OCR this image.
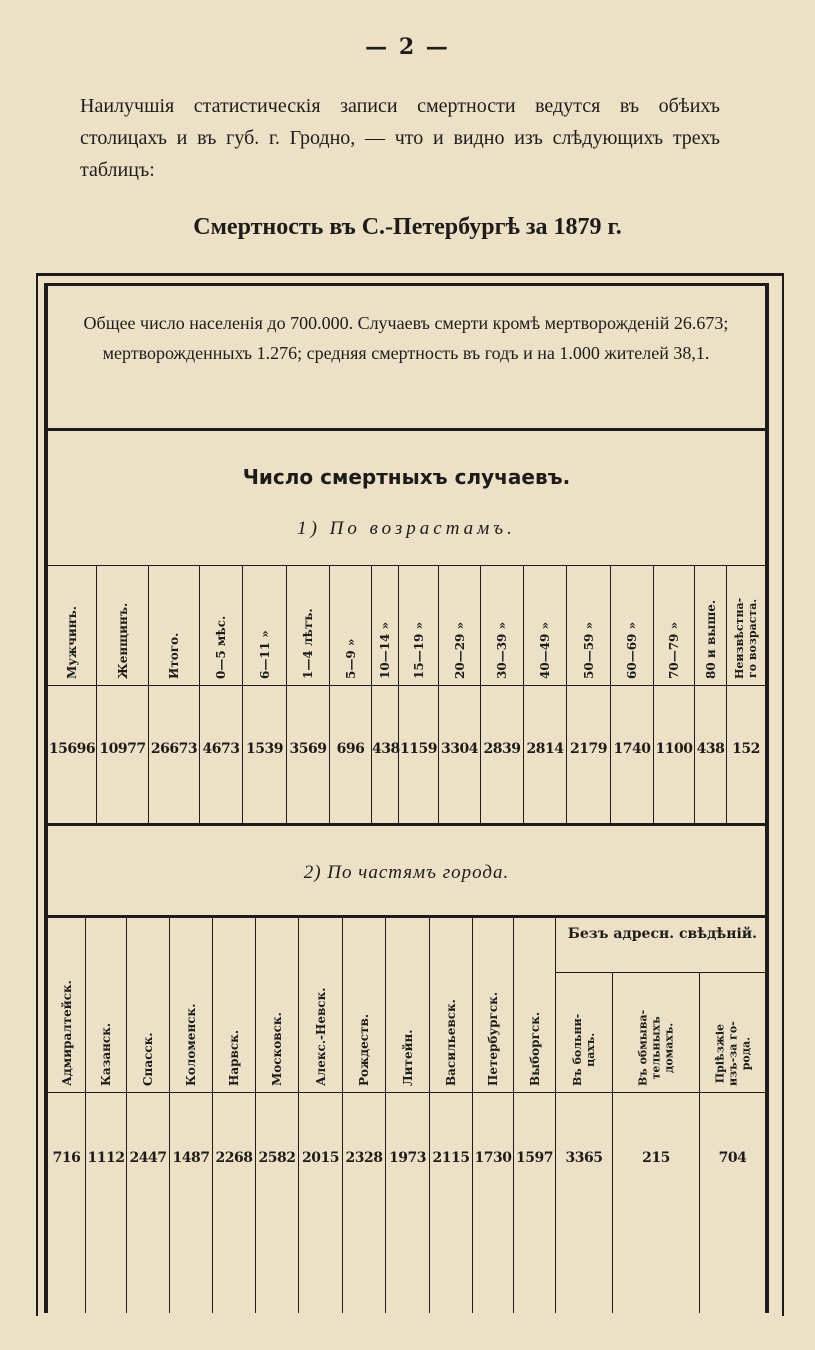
— 2 —
Наилучшія статистическія записи смертности ведутся въ обѣихъ столицахъ и въ губ. г. Гродно, — что и видно изъ слѣдующихъ трехъ таблицъ:
Смертность въ С.-Петербургѣ за 1879 г.
Общее число населенія до 700.000. Случаевъ смерти кромѣ мертворожденій 26.673; мертворожденныхъ 1.276; средняя смертность въ годъ и на 1.000 жителей 38,1.
Число смертныхъ случаевъ.
1) По возрастамъ.
Мужчинъ.
15696
Женщинъ.
10977
Итого.
26673
0—5 мѣс.
4673
6—11 »
1539
1—4 лѣтъ.
3569
5—9 »
696
10—14 »
438
15—19 »
1159
20—29 »
3304
30—39 »
2839
40—49 »
2814
50—59 »
2179
60—69 »
1740
70—79 »
1100
80 и выше.
438
Неизвѣстна-
го возраста.
152
2) По частямъ города.
Безъ адресн. свѣдѣній.
Адмиралтейск.
716
Казанск.
1112
Спасск.
2447
Коломенск.
1487
Нарвск.
2268
Московск.
2582
Алекс.-Невск.
2015
Рождеств.
2328
Литейн.
1973
Васильевск.
2115
Петербургск.
1730
Выборгск.
1597
Въ больни-
цахъ.
3365
Въ обмыва-
тельныхъ
домахъ.
215
Пріѣзжіе
изъ-за го-
рода.
704
